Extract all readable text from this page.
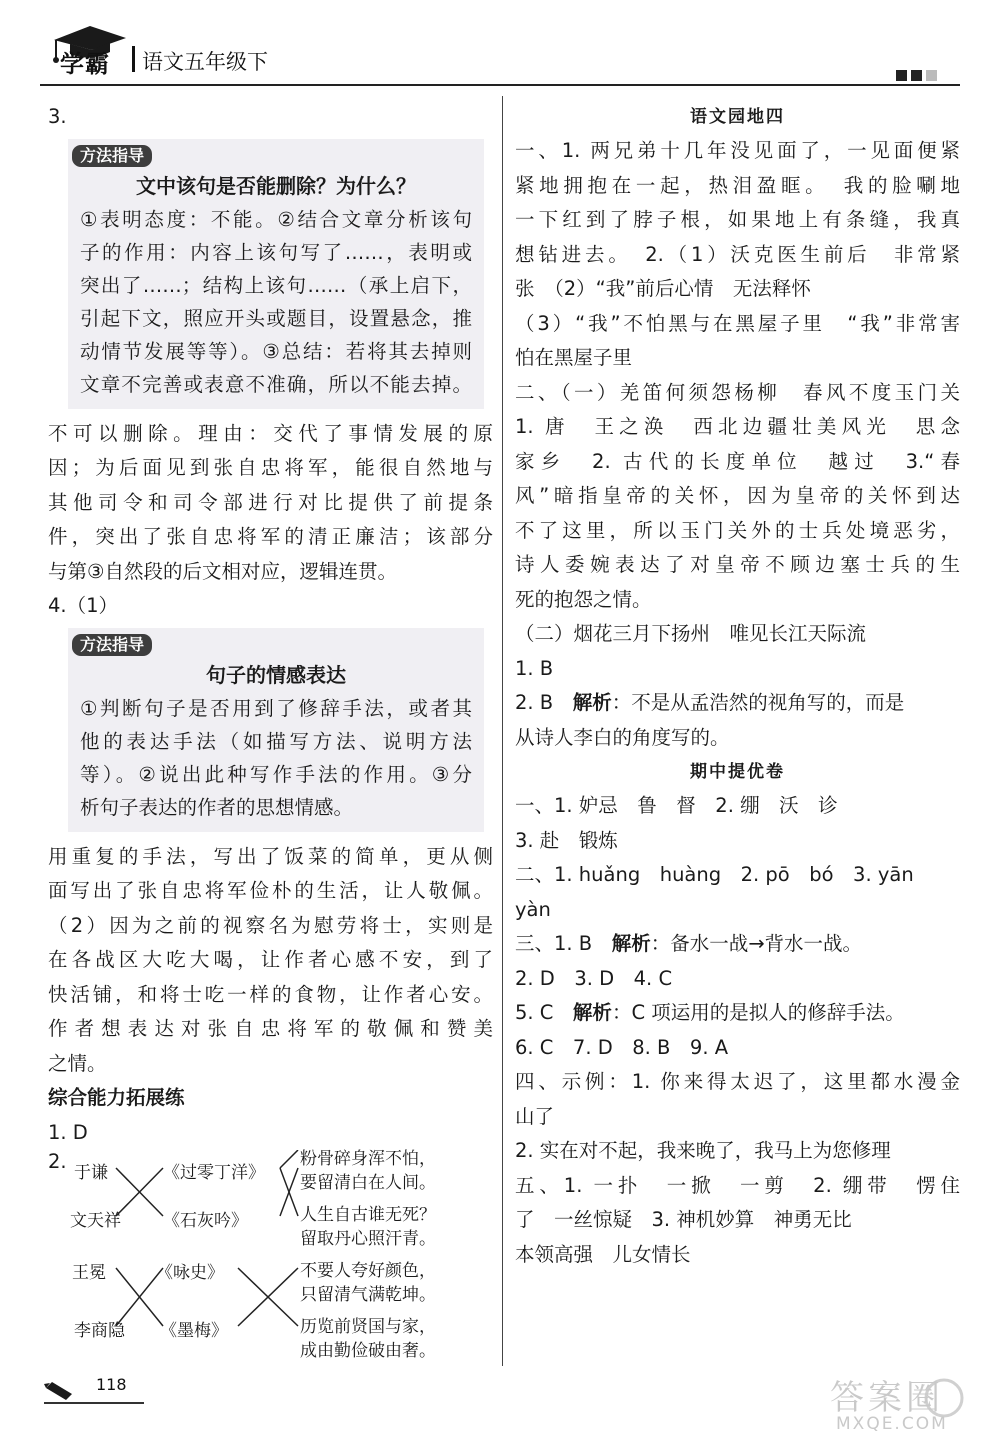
学霸 语文五年级下
3.
方法指导
文中该句是否能删除？为什么？
①表明态度：不能。②结合文章分析该句
子的作用：内容上该句写了……，表明或
突出了……；结构上该句……（承上启下，
引起下文，照应开头或题目，设置悬念，推
动情节发展等等）。③总结：若将其去掉则
文章不完善或表意不准确，所以不能去掉。
不可以删除。理由：交代了事情发展的原
因；为后面见到张自忠将军，能很自然地与
其他司令和司令部进行对比提供了前提条
件，突出了张自忠将军的清正廉洁；该部分
与第③自然段的后文相对应，逻辑连贯。
4.（1）
方法指导
句子的情感表达
①判断句子是否用到了修辞手法，或者其
他的表达手法（如描写方法、说明方法
等）。②说出此种写作手法的作用。③分
析句子表达的作者的思想情感。
用重复的手法，写出了饭菜的简单，更从侧
面写出了张自忠将军俭朴的生活，让人敬佩。
（2）因为之前的视察名为慰劳将士，实则是
在各战区大吃大喝，让作者心感不安，到了
快活铺，和将士吃一样的食物，让作者心安。
作者想表达对张自忠将军的敬佩和赞美
之情。
综合能力拓展练
1. D
2. 于谦
文天祥
王冕
李商隐
《过零丁洋》
《石灰吟》
《咏史》
《墨梅》
粉骨碎身浑不怕，
要留清白在人间。
人生自古谁无死？
留取丹心照汗青。
不要人夸好颜色，
只留清气满乾坤。
历览前贤国与家，
成由勤俭破由奢。
语文园地四
一、1. 两兄弟十几年没见面了，一见面便紧
紧地拥抱在一起，热泪盈眶。　我的脸唰地
一下红到了脖子根，如果地上有条缝，我真
想钻进去。　2.（1）沃克医生前后　非常紧
张　（2）“我”前后心情　无法释怀
（3）“我”不怕黑与在黑屋子里　“我”非常害
怕在黑屋子里
二、（一）羌笛何须怨杨柳　春风不度玉门关
1. 唐　王之涣　西北边疆壮美风光　思念
家乡　2. 古代的长度单位　越过　3.“春
风”暗指皇帝的关怀，因为皇帝的关怀到达
不了这里，所以玉门关外的士兵处境恶劣，
诗人委婉表达了对皇帝不顾边塞士兵的生
死的抱怨之情。
（二）烟花三月下扬州　唯见长江天际流
1. B
2. B　解析：不是从孟浩然的视角写的，而是
从诗人李白的角度写的。
期中提优卷
一、1. 妒忌　鲁　督　2. 绷　沃　诊
3. 赴　锻炼
二、1. huǎng　huàng　2. pō　bó　3. yān
yàn
三、1. B　解析：备水一战→背水一战。
2. D　3. D　4. C
5. C　解析：C 项运用的是拟人的修辞手法。
6. C　7. D　8. B　9. A
四、示例：1. 你来得太迟了，这里都水漫金
山了
2. 实在对不起，我来晚了，我马上为您修理
五、1. 一扑　一掀　一剪　2. 绷带　愣住
了　一丝惊疑　3. 神机妙算　神勇无比
本领高强　儿女情长
118	答案圈
MXQE.COM
